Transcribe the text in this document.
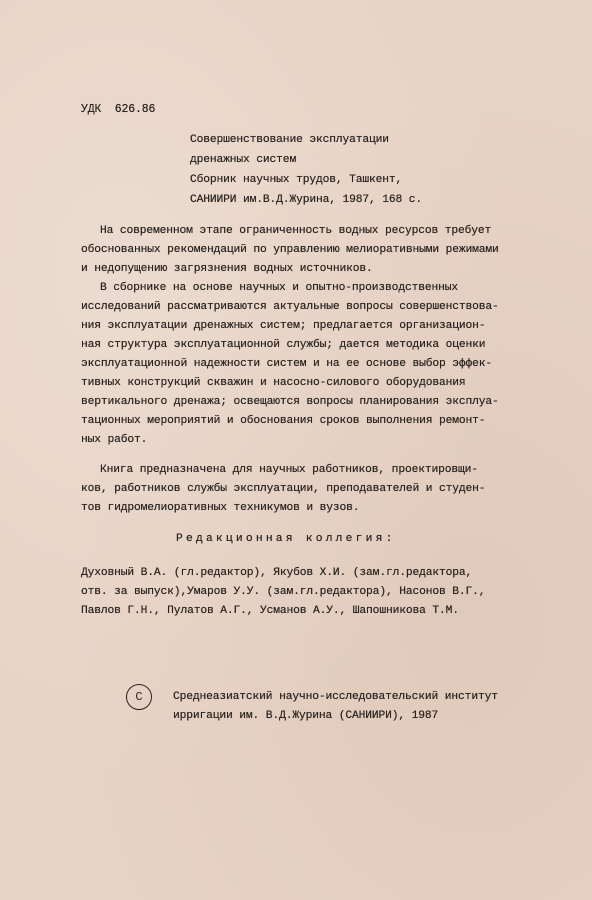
УДК  626.86
Совершенствование эксплуатации
дренажных систем
Сборник научных трудов, Ташкент,
САНИИРИ им.В.Д.Журина, 1987, 168 с.
На современном этапе ограниченность водных ресурсов требует
обоснованных рекомендаций по управлению мелиоративными режимами
и недопущению загрязнения водных источников.
В сборнике на основе научных и опытно-производственных
исследований рассматриваются актуальные вопросы совершенствова-
ния эксплуатации дренажных систем; предлагается организацион-
ная структура эксплуатационной службы; дается методика оценки
эксплуатационной надежности систем и на ее основе выбор эффек-
тивных конструкций скважин и насосно-силового оборудования
вертикального дренажа; освещаются вопросы планирования эксплуа-
тационных мероприятий и обоснования сроков выполнения ремонт-
ных работ.
Книга предназначена для научных работников, проектировщи-
ков, работников службы эксплуатации, преподавателей и студен-
тов гидромелиоративных техникумов и вузов.
Редакционная коллегия:
Духовный В.А. (гл.редактор), Якубов Х.И. (зам.гл.редактора,
отв. за выпуск),Умаров У.У. (зам.гл.редактора), Насонов В.Г.,
Павлов Г.Н., Пулатов А.Г., Усманов А.У., Шапошникова Т.М.
С	Среднеазиатский научно-исследовательский институт
ирригации им. В.Д.Журина (САНИИРИ), 1987
